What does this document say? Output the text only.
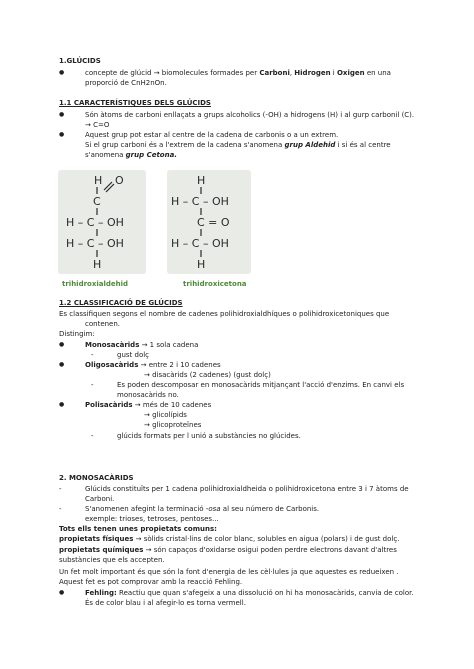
1.GLÚCIDS
● concepte de glúcid → biomolecules formades per Carboni, Hidrogen i Oxigen en una
proporció de CnH2nOn.
1.1 CARACTERÍSTIQUES DELS GLÚCIDS
● Són àtoms de carboni enllaçats a grups alcoholics (-OH) a hidrogens (H) i al gurp carbonil (C).
→ C=O
● Aquest grup pot estar al centre de la cadena de carbonis o a un extrem.
Si el grup carboni és a l'extrem de la cadena s'anomena grup Aldehid i si és al centre
s'anomena grup Cetona.
H O
C
H – C – OH
H – C – OH
H
H
H – C – OH
C = O
H – C – OH
H
trihidroxialdehid	trihidroxicetona
1.2 CLASSIFICACIÓ DE GLÚCIDS
Es classifiquen segons el nombre de cadenes polihidroxialdhíques o polihidroxicetoniques que
contenen.
Distingim:
● Monosacàrids → 1 sola cadena
- gust dolç
● Oligosacàrids → entre 2 i 10 cadenes
→ disacàrids (2 cadenes) (gust dolç)
- Es poden descomposar en monosacàrids mitjançant l'acció d'enzims. En canvi els
monosacàrids no.
● Polisacàrids → més de 10 cadenes
→ glicolípids
→ glicoproteïnes
- glúcids formats per l unió a substàncies no glúcides.
2. MONOSACÀRIDS
- Glúcids constituïts per 1 cadena polihidroxialdheida o polihidroxicetona entre 3 i 7 àtoms de
Carboni.
- S'anomenen afegint la terminació -osa al seu número de Carbonis.
exemple: trioses, tetroses, pentoses...
Tots ells tenen unes propietats comuns:
propietats físiques → sòlids cristal·lins de color blanc, solubles en aigua (polars) i de gust dolç.
propietats químiques → són capaços d'oxidarse osigui poden perdre electrons davant d'altres
substàncies que els accepten.
Un fet molt important és que són la font d'energia de les cèl·lules ja que aquestes es redueixen .
Aquest fet es pot comprovar amb la reacció Fehling.
● Fehling: Reactiu que quan s'afegeix a una dissolució on hi ha monosacàrids, canvia de color.
És de color blau i al afegir-lo es torna vermell.
